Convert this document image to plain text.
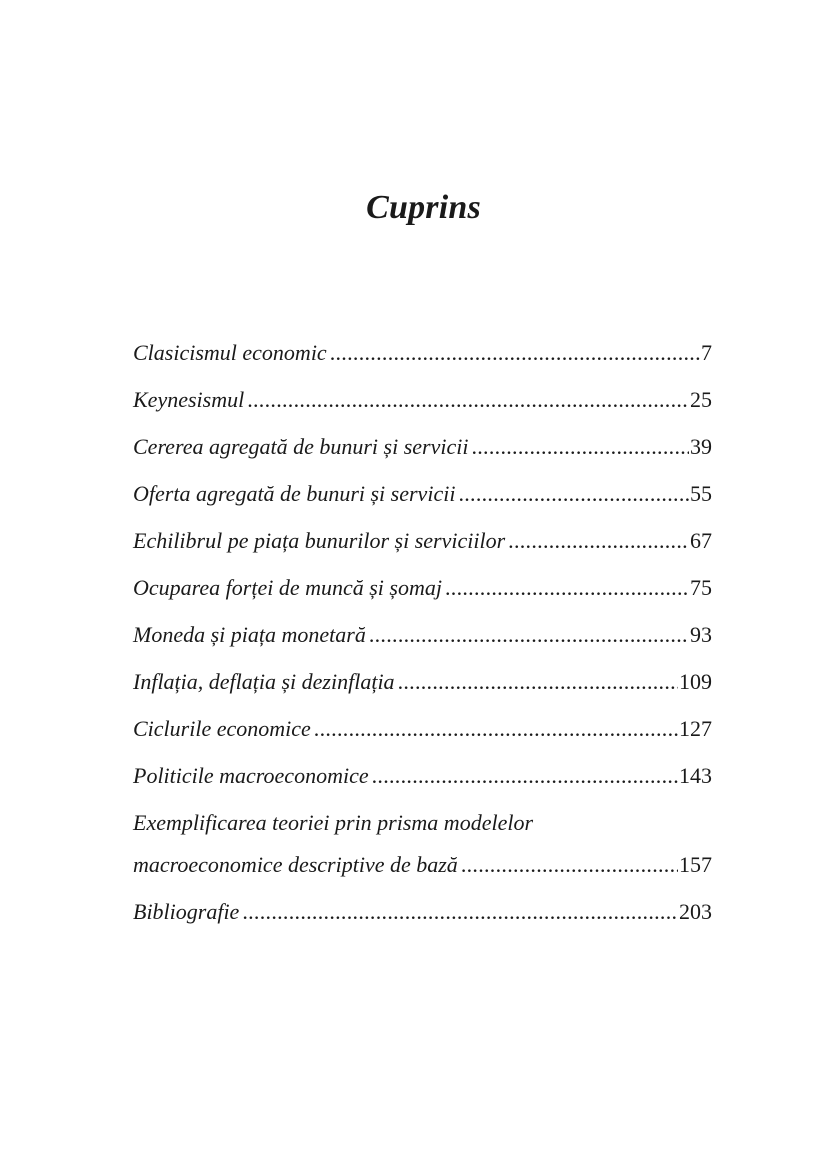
Cuprins
Clasicismul economic .....	7
Keynesismul .....	25
Cererea agregată de bunuri și servicii .....	39
Oferta agregată de bunuri și servicii .....	55
Echilibrul pe piața bunurilor și serviciilor .....	67
Ocuparea forței de muncă și șomaj .....	75
Moneda și piața monetară .....	93
Inflația, deflația și dezinflația .....	109
Ciclurile economice .....	127
Politicile macroeconomice .....	143
Exemplificarea teoriei prin prisma modelelor
macroeconomice descriptive de bază .....	157
Bibliografie .....	203
